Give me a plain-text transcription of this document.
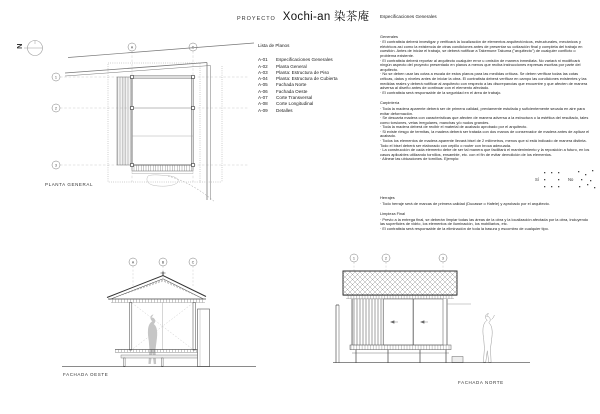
PROYECTO Xochi-an 染茶庵
Lista de Planos
A-01	Especificaciones Generales
A-02	Planta General
A-03	Planta: Estructura de Piso
A-04	Planta: Estructura de Cubierta
A-05	Fachada Norte
A-06	Fachada Oeste
A-07	Corte Transversal
A-08	Corte Longitudinal
A-09	Detalles
Especificaciones Generales
Generales

· El contratista deberá investigar y verificará la localización de elementos arquitectónicos, estructurales, mecánicos y eléctricos así como la existencia de otras condiciones antes de presentar su cotización final y completa del trabajo en cuestión. Antes de iniciar el trabajo, se deberá notificar a Takemune Takuma ("arquitecto") de cualquier conflicto o problema existente.

· El contratista deberá reportar al arquitecto cualquier error u omisión de manera inmediata. No variará ni modificará ningún aspecto del proyecto presentado en planos a menos que reciba instrucciones expresas escritas por parte del arquitecto.

· No se deben usar las cotas a escala de estos planos para las medidas críticas. Se deben verificar todas las cotas críticas, datos y niveles antes de iniciar la obra. El contratista deberá verificar en campo las condiciones existentes y las medidas reales y deberá notificar al arquitecto con respecto a las discrepancias que encuentre y que afecten de manera adversa al diseño antes de continuar con el elemento afectado.

· El contratista será responsable de la seguridad en el área de trabajo.

Carpintería

· Toda la madera aparente deberá ser de primera calidad, previamente estufada y suficientemente secada en aire para evitar deformación.

· Se descarta madera con características que afecten de manera adversa a la estructura o la estética del resultado, tales como torsiones, vetas irregulares, manchas y/o nudos grandes.

· Toda la madera deberá de recibir el material de acabado aprobado por el arquitecto.

· Si existe riesgo de termitas, la madera deberá ser tratada con dos manos de conservador de madera antes de aplicar el acabado.

· Todos los elementos de madera aparente llevará bisel de 2 milímetros, menos que si está indicado de manera distinta. Todo el bisel deberá ser elaborado con cepillo o router con broca adecuada.

· La construcción de cada elemento debe de ser tal manera que facilitará el mantenimiento y la reposición a futuro, en los casos aplicables utilizando tornillos, ensamble, etc. con el fin de evitar demolición de los elementos.

· Alinear las ubicaciones de tornillos. Ejemplo:

Herrajes

· Todo herraje será de marcas de primera calidad (Ducasse o Hafele) y aprobado por el arquitecto.

Limpieza Final

· Previo a la entrega final, se deberán limpiar todas las áreas de la obra y la localización afectada por la obra, incluyendo las superficies de vidrio, los elementos de iluminación, los mobiliarios, etc.

· El contratista será responsable de la eliminación de toda la basura y escombro de cualquier tipo.

Sí	No
N	A	C
1
2
3
PLANTA GENERAL
A	B	C
FACHADA OESTE
1	2	3
FACHADA NORTE
